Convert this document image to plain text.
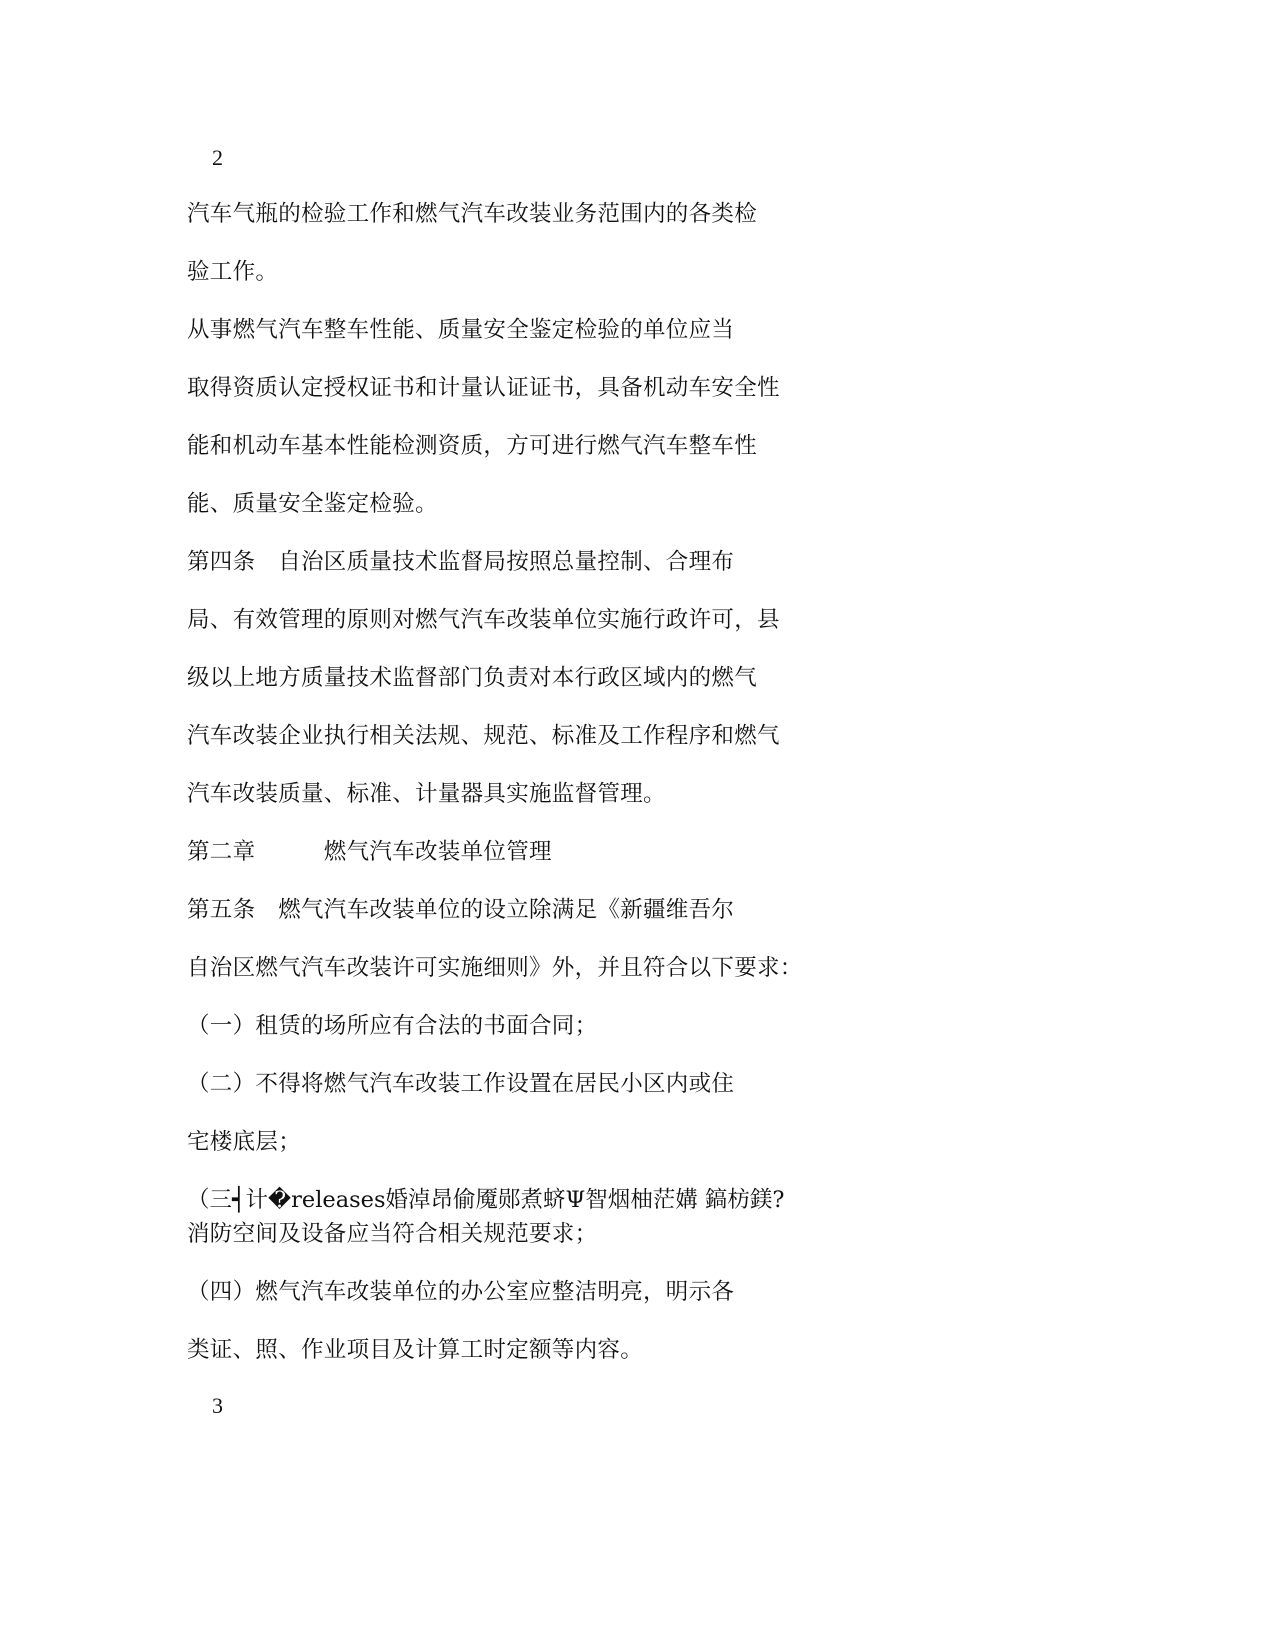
2
汽车气瓶的检验工作和燃气汽车改装业务范围内的各类检
验工作。
从事燃气汽车整车性能、质量安全鉴定检验的单位应当
取得资质认定授权证书和计量认证证书，具备机动车安全性
能和机动车基本性能检测资质，方可进行燃气汽车整车性
能、质量安全鉴定检验。
第四条　自治区质量技术监督局按照总量控制、合理布
局、有效管理的原则对燃气汽车改装单位实施行政许可，县
级以上地方质量技术监督部门负责对本行政区域内的燃气
汽车改装企业执行相关法规、规范、标准及工作程序和燃气
汽车改装质量、标准、计量器具实施监督管理。
第二章　　　燃气汽车改装单位管理
第五条　燃气汽车改装单位的设立除满足《新疆维吾尔
自治区燃气汽车改装许可实施细则》外，并且符合以下要求：
（一）租赁的场所应有合法的书面合同；
（二）不得将燃气汽车改装工作设置在居民小区内或住
宅楼底层；
（三┥计�releases婚淖昂偷魇郧煮蛴Ψ智烟柚茫媾 鎬枋鎂?
消防空间及设备应当符合相关规范要求；
（四）燃气汽车改装单位的办公室应整洁明亮，明示各
类证、照、作业项目及计算工时定额等内容。
3
